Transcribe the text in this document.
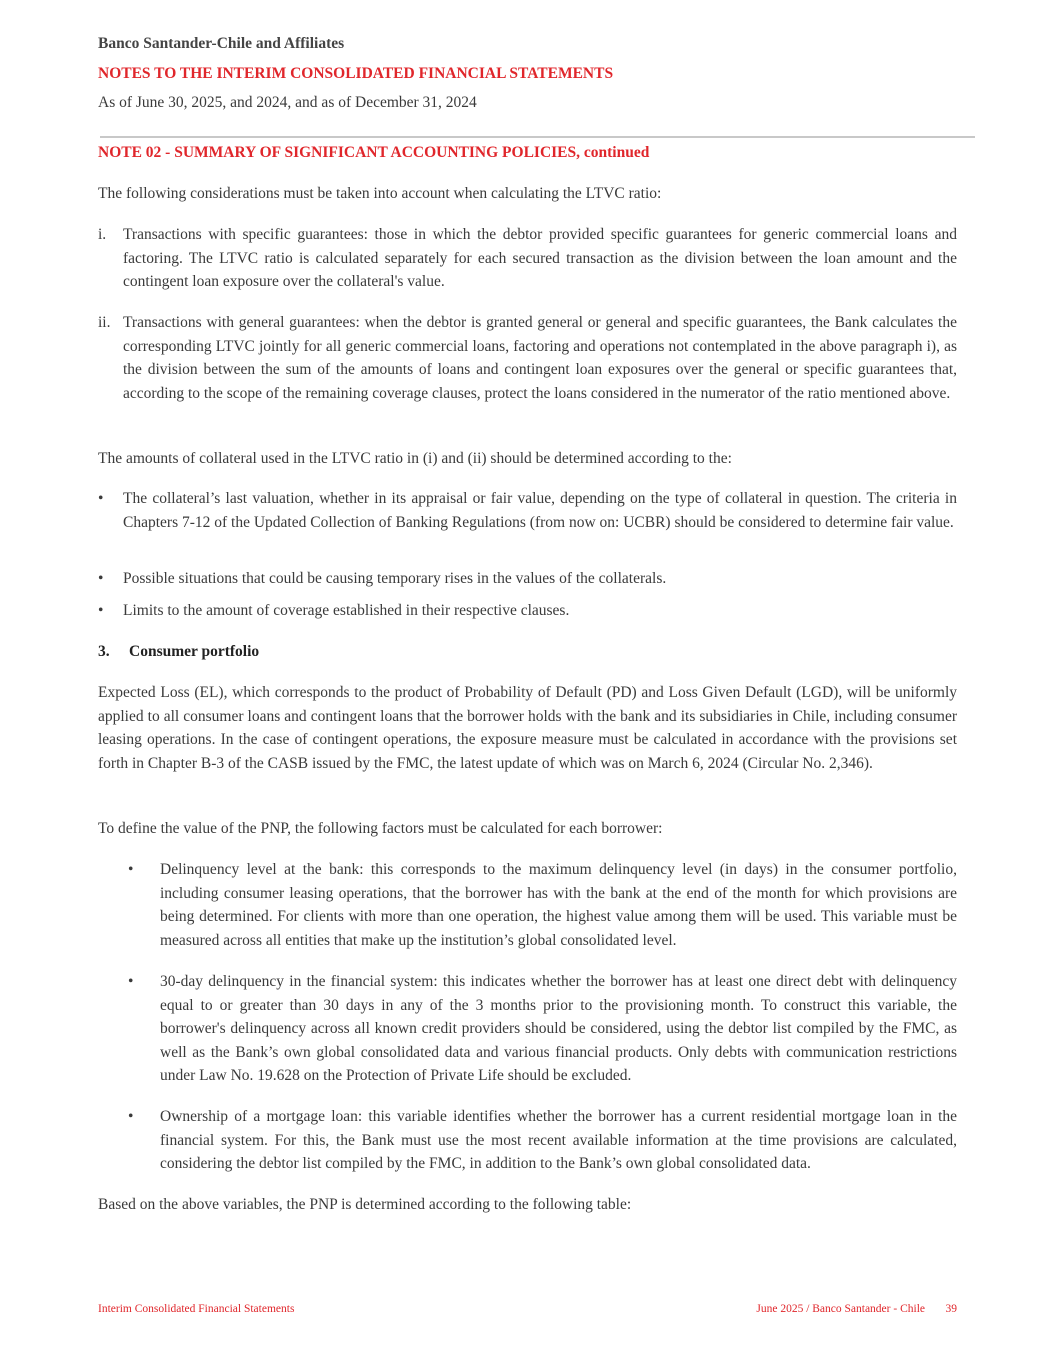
Banco Santander-Chile and Affiliates
NOTES TO THE INTERIM CONSOLIDATED FINANCIAL STATEMENTS
As of June 30, 2025, and 2024, and as of December 31, 2024
NOTE 02 - SUMMARY OF SIGNIFICANT ACCOUNTING POLICIES, continued
The following considerations must be taken into account when calculating the LTVC ratio:
i. Transactions with specific guarantees: those in which the debtor provided specific guarantees for generic commercial loans and factoring. The LTVC ratio is calculated separately for each secured transaction as the division between the loan amount and the contingent loan exposure over the collateral's value.
ii. Transactions with general guarantees: when the debtor is granted general or general and specific guarantees, the Bank calculates the corresponding LTVC jointly for all generic commercial loans, factoring and operations not contemplated in the above paragraph i), as the division between the sum of the amounts of loans and contingent loan exposures over the general or specific guarantees that, according to the scope of the remaining coverage clauses, protect the loans considered in the numerator of the ratio mentioned above.
The amounts of collateral used in the LTVC ratio in (i) and (ii) should be determined according to the:
• The collateral’s last valuation, whether in its appraisal or fair value, depending on the type of collateral in question. The criteria in Chapters 7-12 of the Updated Collection of Banking Regulations (from now on: UCBR) should be considered to determine fair value.
• Possible situations that could be causing temporary rises in the values of the collaterals.
• Limits to the amount of coverage established in their respective clauses.
3. Consumer portfolio
Expected Loss (EL), which corresponds to the product of Probability of Default (PD) and Loss Given Default (LGD), will be uniformly applied to all consumer loans and contingent loans that the borrower holds with the bank and its subsidiaries in Chile, including consumer leasing operations. In the case of contingent operations, the exposure measure must be calculated in accordance with the provisions set forth in Chapter B-3 of the CASB issued by the FMC, the latest update of which was on March 6, 2024 (Circular No. 2,346).
To define the value of the PNP, the following factors must be calculated for each borrower:
• Delinquency level at the bank: this corresponds to the maximum delinquency level (in days) in the consumer portfolio, including consumer leasing operations, that the borrower has with the bank at the end of the month for which provisions are being determined. For clients with more than one operation, the highest value among them will be used. This variable must be measured across all entities that make up the institution’s global consolidated level.
• 30-day delinquency in the financial system: this indicates whether the borrower has at least one direct debt with delinquency equal to or greater than 30 days in any of the 3 months prior to the provisioning month. To construct this variable, the borrower's delinquency across all known credit providers should be considered, using the debtor list compiled by the FMC, as well as the Bank’s own global consolidated data and various financial products. Only debts with communication restrictions under Law No. 19.628 on the Protection of Private Life should be excluded.
• Ownership of a mortgage loan: this variable identifies whether the borrower has a current residential mortgage loan in the financial system. For this, the Bank must use the most recent available information at the time provisions are calculated, considering the debtor list compiled by the FMC, in addition to the Bank’s own global consolidated data.
Based on the above variables, the PNP is determined according to the following table:
Interim Consolidated Financial Statements	June 2025 / Banco Santander - Chile 39
